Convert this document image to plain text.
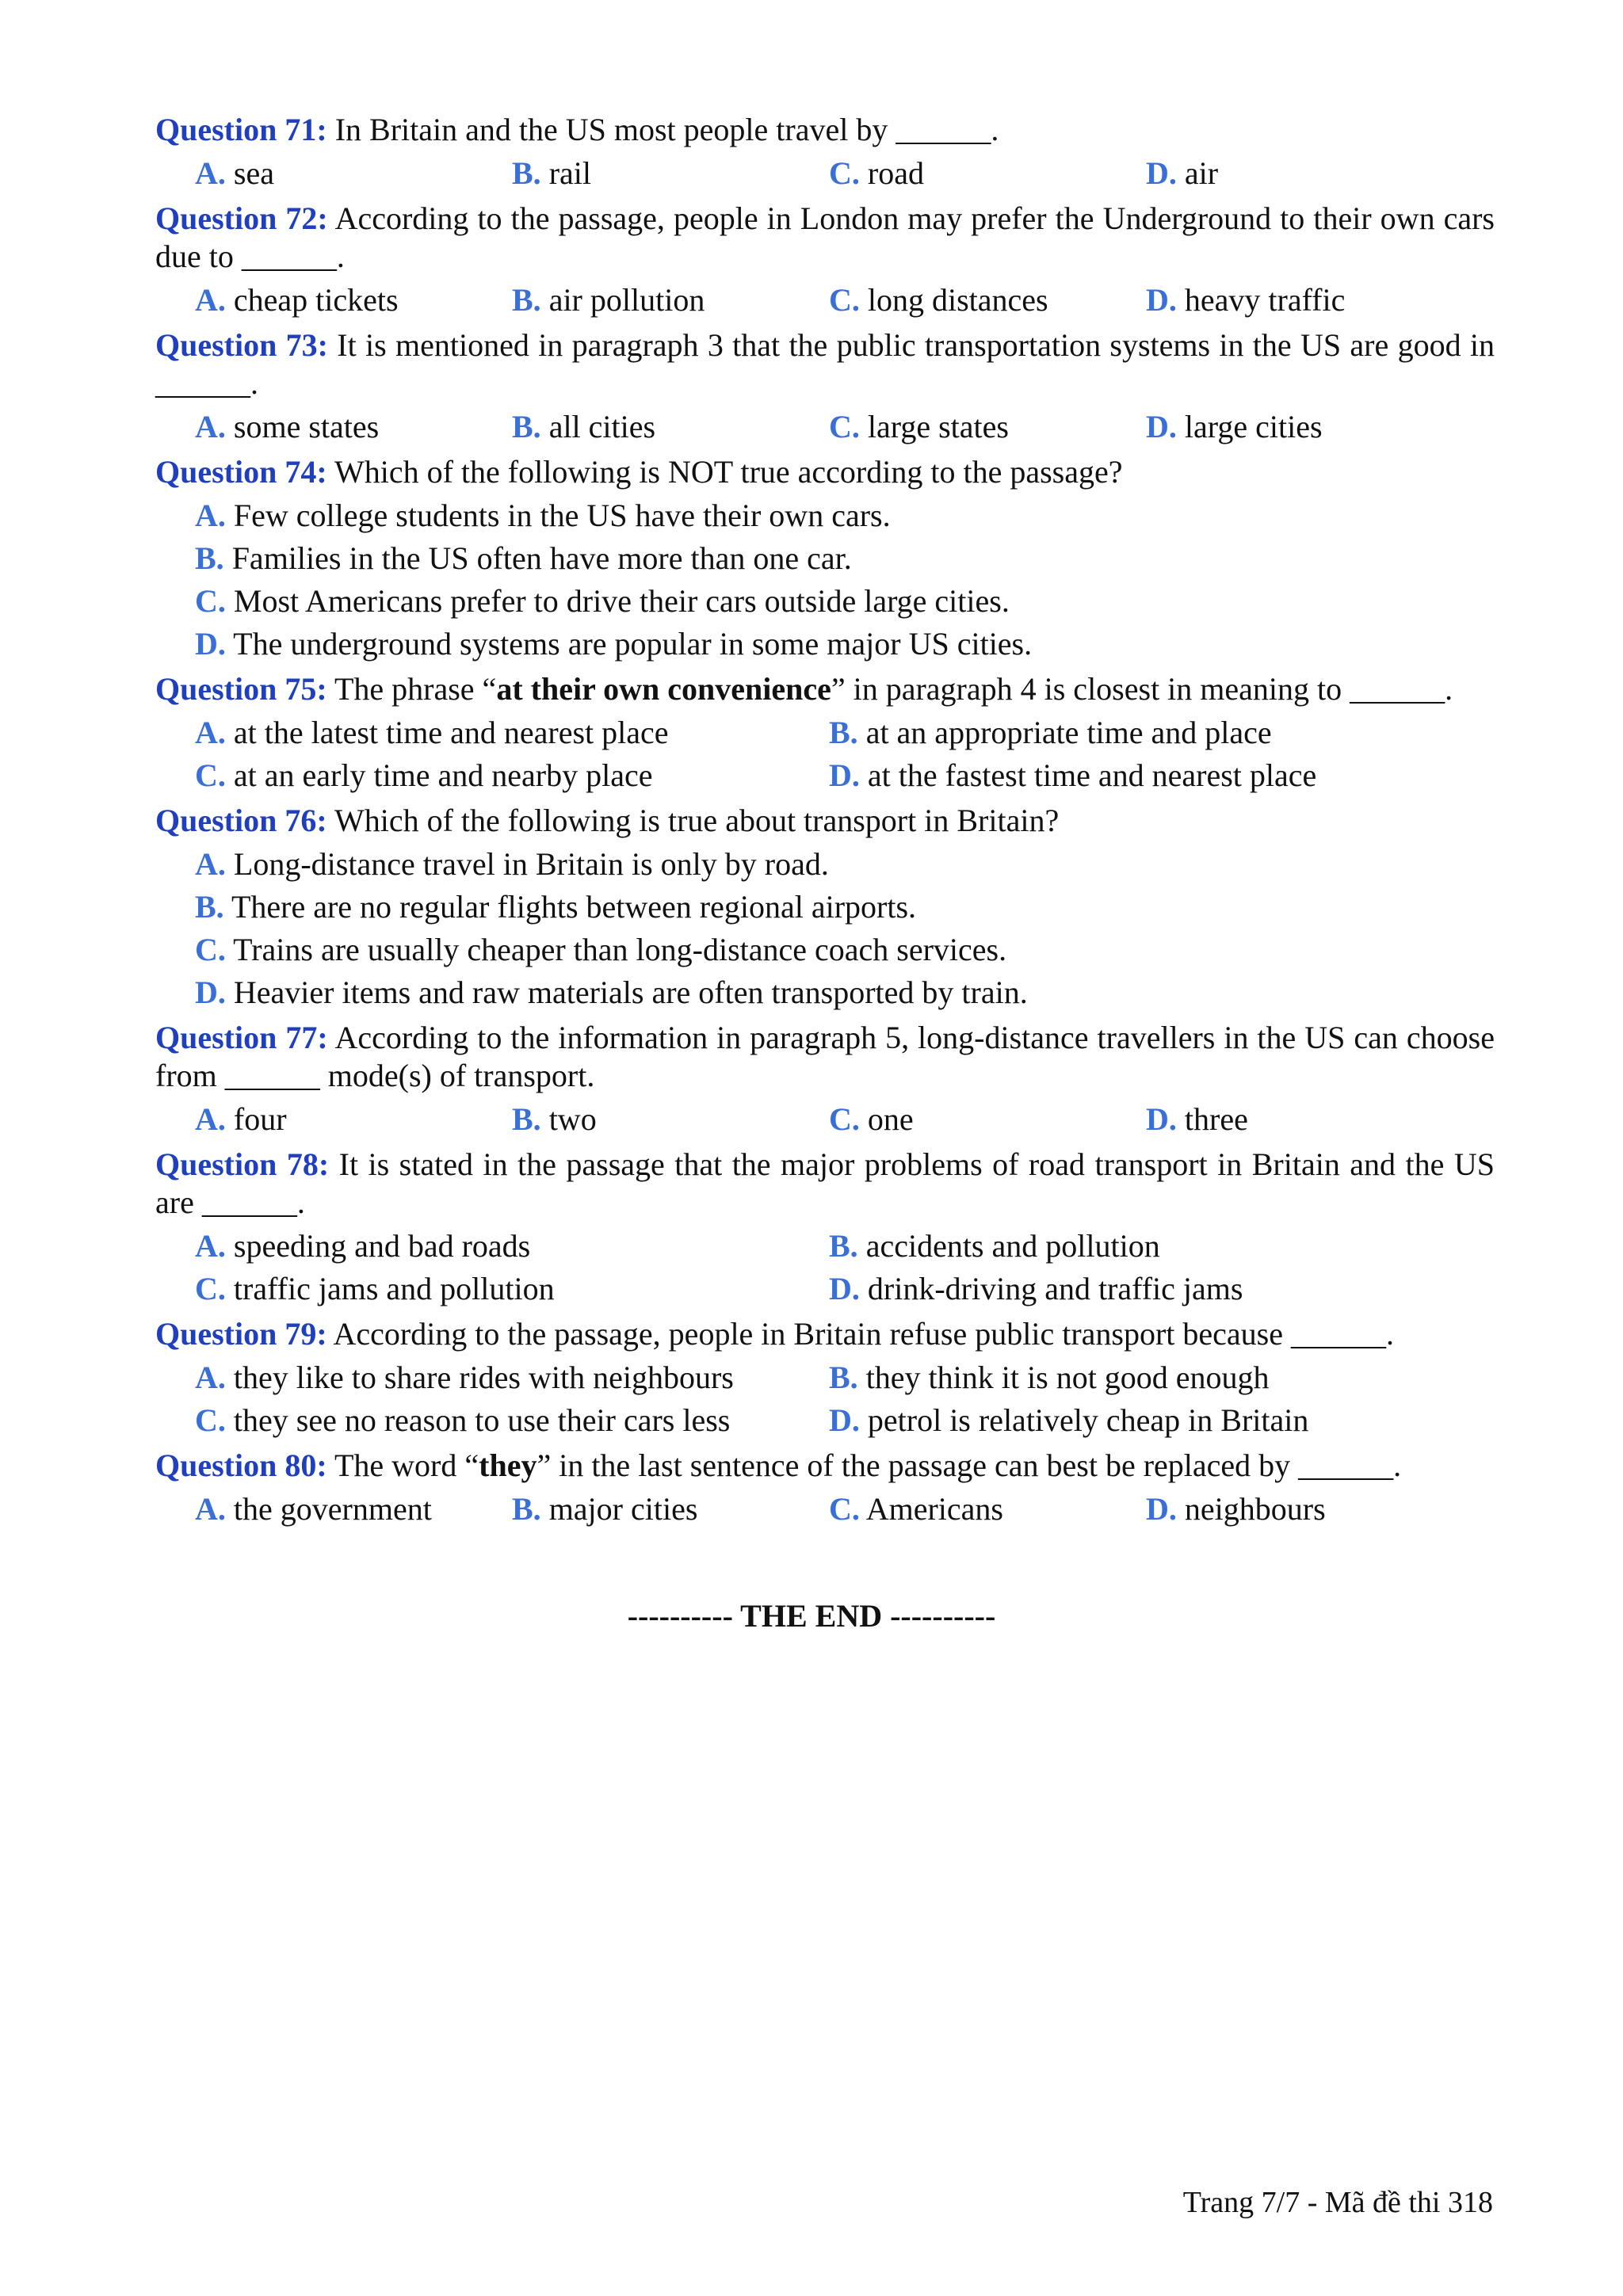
Question 71: In Britain and the US most people travel by ______.

A. sea	B. rail	C. road	D. air

Question 72: According to the passage, people in London may prefer the Underground to their own cars due to ______.

A. cheap tickets	B. air pollution	C. long distances	D. heavy traffic

Question 73: It is mentioned in paragraph 3 that the public transportation systems in the US are good in ______.

A. some states	B. all cities	C. large states	D. large cities

Question 74: Which of the following is NOT true according to the passage?

A. Few college students in the US have their own cars.
B. Families in the US often have more than one car.
C. Most Americans prefer to drive their cars outside large cities.
D. The underground systems are popular in some major US cities.

Question 75: The phrase “at their own convenience” in paragraph 4 is closest in meaning to ______.

A. at the latest time and nearest place	B. at an appropriate time and place
C. at an early time and nearby place	D. at the fastest time and nearest place

Question 76: Which of the following is true about transport in Britain?

A. Long-distance travel in Britain is only by road.
B. There are no regular flights between regional airports.
C. Trains are usually cheaper than long-distance coach services.
D. Heavier items and raw materials are often transported by train.

Question 77: According to the information in paragraph 5, long-distance travellers in the US can choose from ______ mode(s) of transport.

A. four	B. two	C. one	D. three

Question 78: It is stated in the passage that the major problems of road transport in Britain and the US are ______.

A. speeding and bad roads	B. accidents and pollution
C. traffic jams and pollution	D. drink-driving and traffic jams

Question 79: According to the passage, people in Britain refuse public transport because ______.

A. they like to share rides with neighbours	B. they think it is not good enough
C. they see no reason to use their cars less	D. petrol is relatively cheap in Britain

Question 80: The word “they” in the last sentence of the passage can best be replaced by ______.

A. the government	B. major cities	C. Americans	D. neighbours
---------- THE END ----------
Trang 7/7 - Mã đề thi 318
